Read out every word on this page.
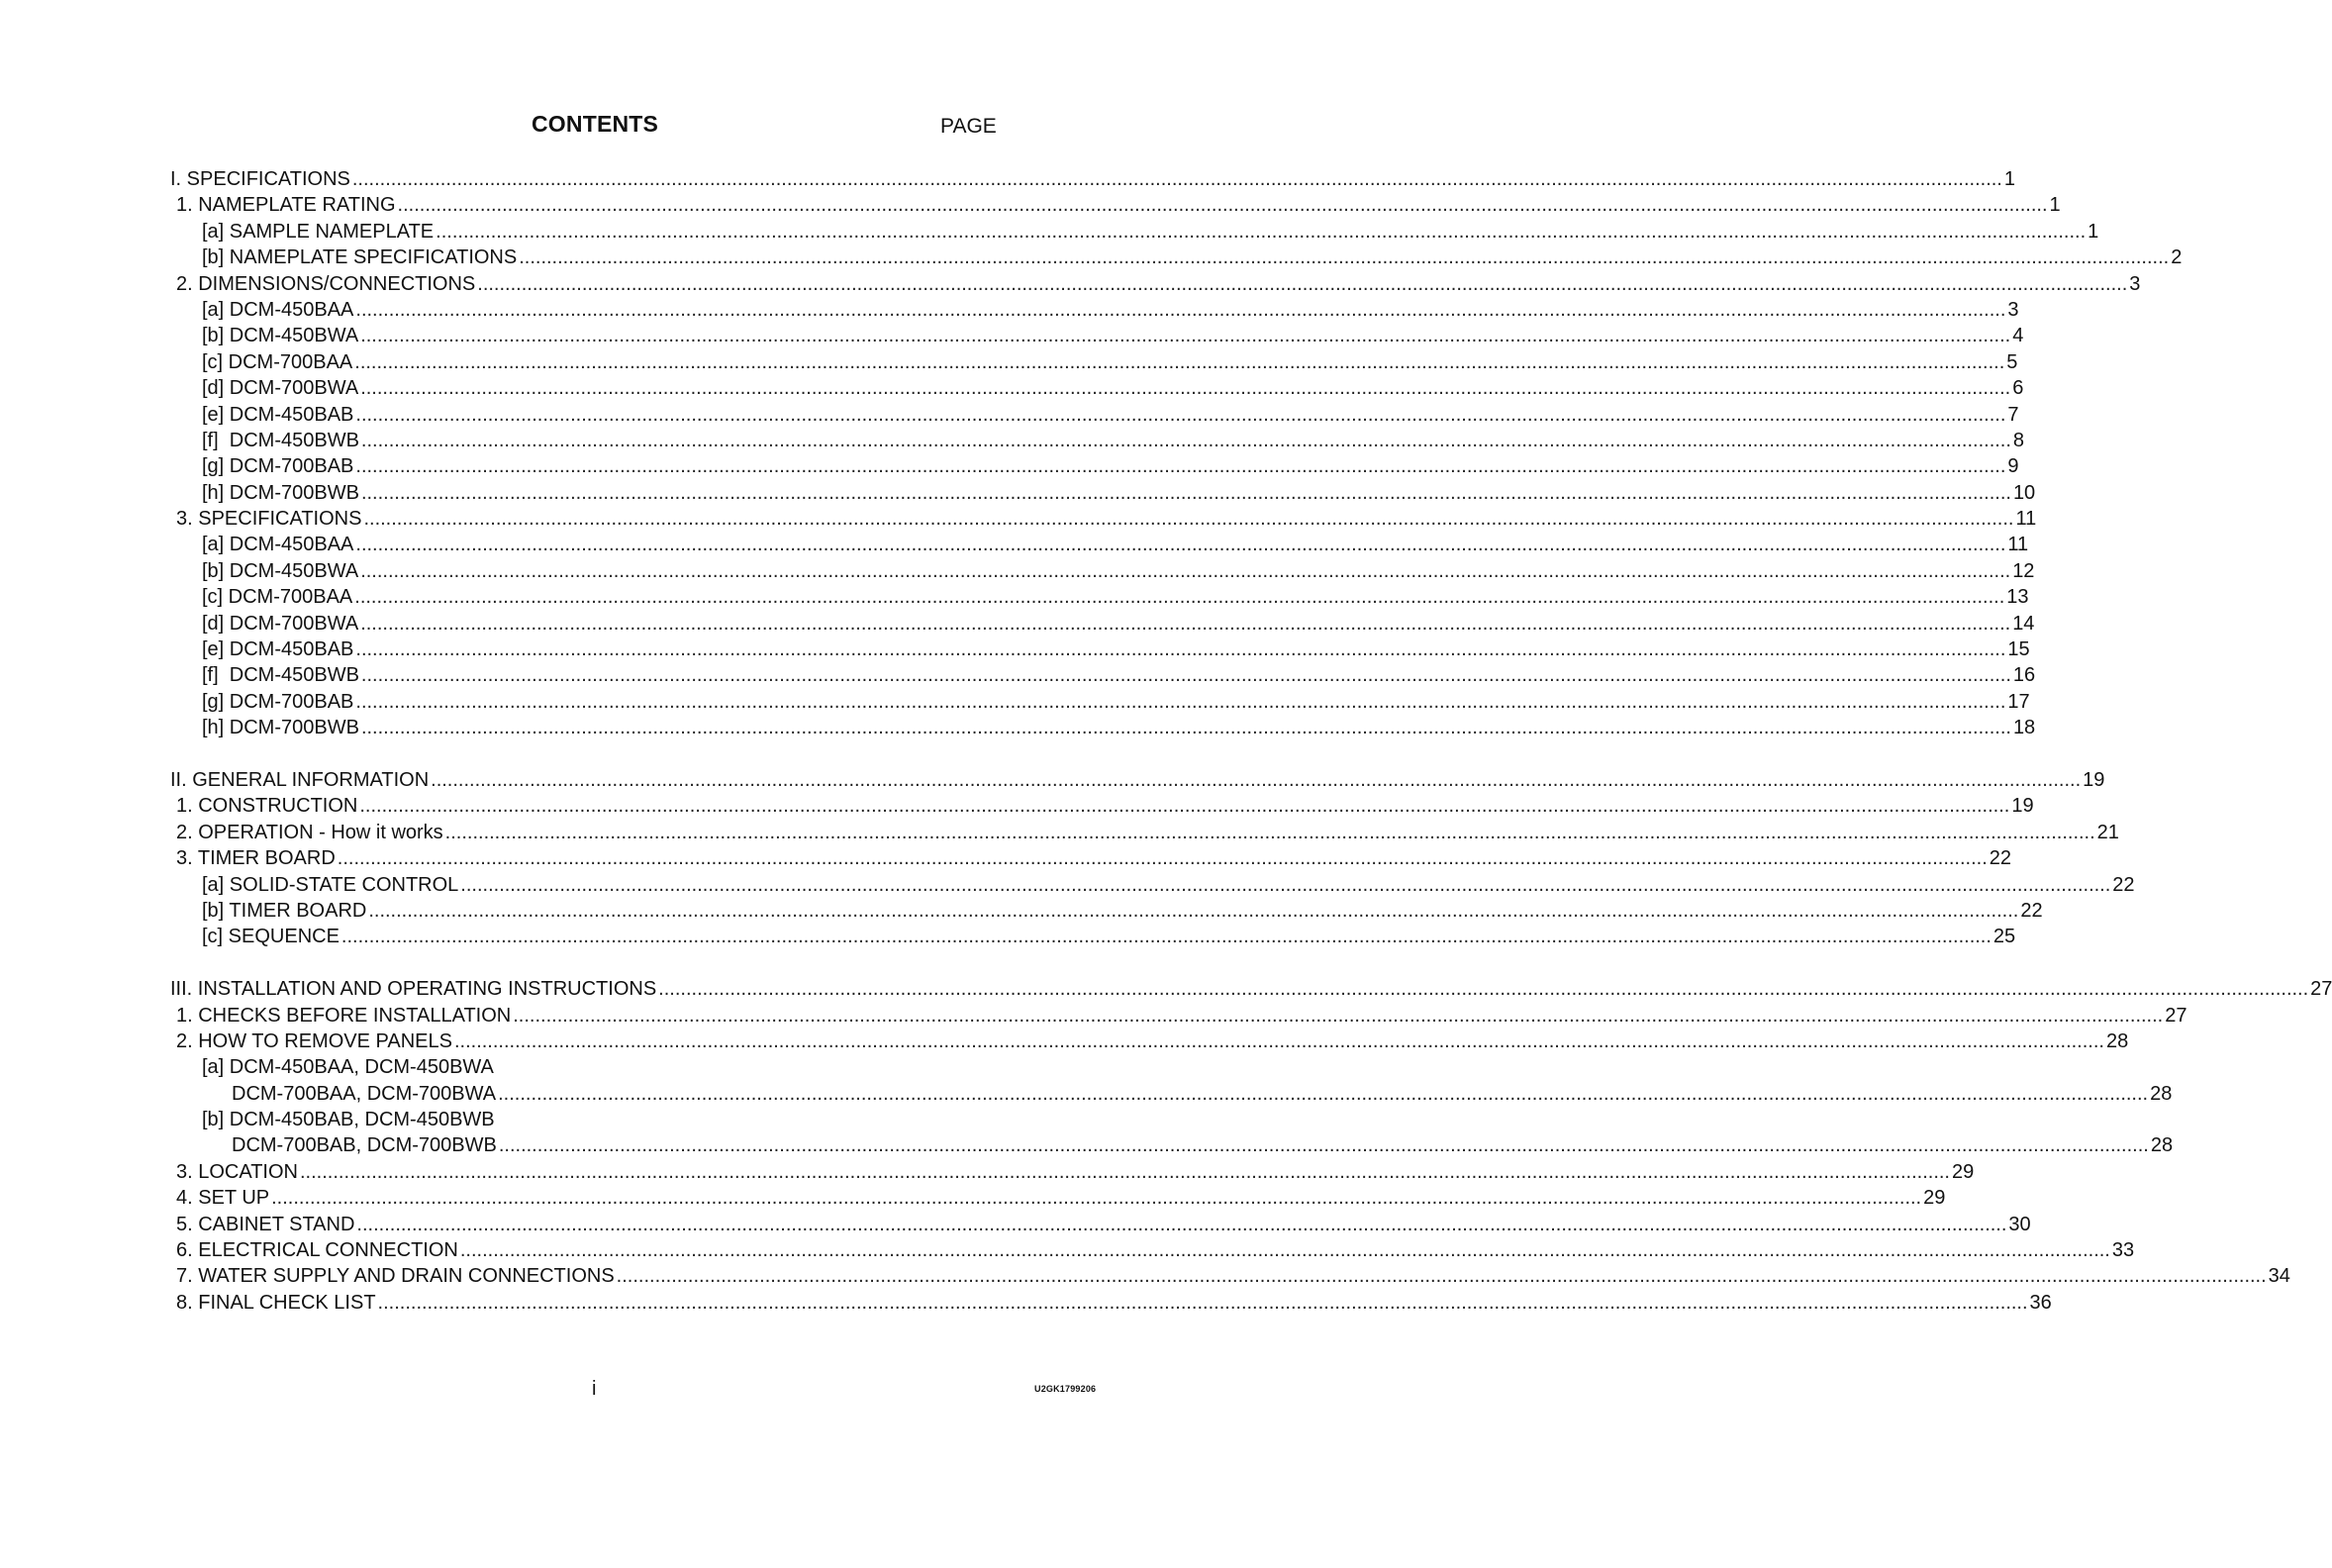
CONTENTS	PAGE
I. SPECIFICATIONS ............................................................................................................................................................................................................................................................................................................ 1
1. NAMEPLATE RATING ............................................................................................................................................................................................................................................................................................................ 1
[a] SAMPLE NAMEPLATE ............................................................................................................................................................................................................................................................................................................ 1
[b] NAMEPLATE SPECIFICATIONS ............................................................................................................................................................................................................................................................................................................ 2
2. DIMENSIONS/CONNECTIONS ............................................................................................................................................................................................................................................................................................................ 3
[a] DCM-450BAA ............................................................................................................................................................................................................................................................................................................ 3
[b] DCM-450BWA ............................................................................................................................................................................................................................................................................................................ 4
[c] DCM-700BAA ............................................................................................................................................................................................................................................................................................................ 5
[d] DCM-700BWA ............................................................................................................................................................................................................................................................................................................ 6
[e] DCM-450BAB ............................................................................................................................................................................................................................................................................................................ 7
[f]  DCM-450BWB ............................................................................................................................................................................................................................................................................................................ 8
[g] DCM-700BAB ............................................................................................................................................................................................................................................................................................................ 9
[h] DCM-700BWB ............................................................................................................................................................................................................................................................................................................ 10
3. SPECIFICATIONS ............................................................................................................................................................................................................................................................................................................ 11
[a] DCM-450BAA ............................................................................................................................................................................................................................................................................................................ 11
[b] DCM-450BWA ............................................................................................................................................................................................................................................................................................................ 12
[c] DCM-700BAA ............................................................................................................................................................................................................................................................................................................ 13
[d] DCM-700BWA ............................................................................................................................................................................................................................................................................................................ 14
[e] DCM-450BAB ............................................................................................................................................................................................................................................................................................................ 15
[f]  DCM-450BWB ............................................................................................................................................................................................................................................................................................................ 16
[g] DCM-700BAB ............................................................................................................................................................................................................................................................................................................ 17
[h] DCM-700BWB ............................................................................................................................................................................................................................................................................................................ 18
II. GENERAL INFORMATION ............................................................................................................................................................................................................................................................................................................ 19
1. CONSTRUCTION ............................................................................................................................................................................................................................................................................................................ 19
2. OPERATION - How it works ............................................................................................................................................................................................................................................................................................................ 21
3. TIMER BOARD ............................................................................................................................................................................................................................................................................................................ 22
[a] SOLID-STATE CONTROL ............................................................................................................................................................................................................................................................................................................ 22
[b] TIMER BOARD ............................................................................................................................................................................................................................................................................................................ 22
[c] SEQUENCE ............................................................................................................................................................................................................................................................................................................ 25
III. INSTALLATION AND OPERATING INSTRUCTIONS ............................................................................................................................................................................................................................................................................................................ 27
1. CHECKS BEFORE INSTALLATION ............................................................................................................................................................................................................................................................................................................ 27
2. HOW TO REMOVE PANELS ............................................................................................................................................................................................................................................................................................................ 28
[a] DCM-450BAA, DCM-450BWA
DCM-700BAA, DCM-700BWA ............................................................................................................................................................................................................................................................................................................ 28
[b] DCM-450BAB, DCM-450BWB
DCM-700BAB, DCM-700BWB ............................................................................................................................................................................................................................................................................................................ 28
3. LOCATION ............................................................................................................................................................................................................................................................................................................ 29
4. SET UP ............................................................................................................................................................................................................................................................................................................ 29
5. CABINET STAND ............................................................................................................................................................................................................................................................................................................ 30
6. ELECTRICAL CONNECTION ............................................................................................................................................................................................................................................................................................................ 33
7. WATER SUPPLY AND DRAIN CONNECTIONS ............................................................................................................................................................................................................................................................................................................ 34
8. FINAL CHECK LIST ............................................................................................................................................................................................................................................................................................................ 36
i	U2GK1799206
